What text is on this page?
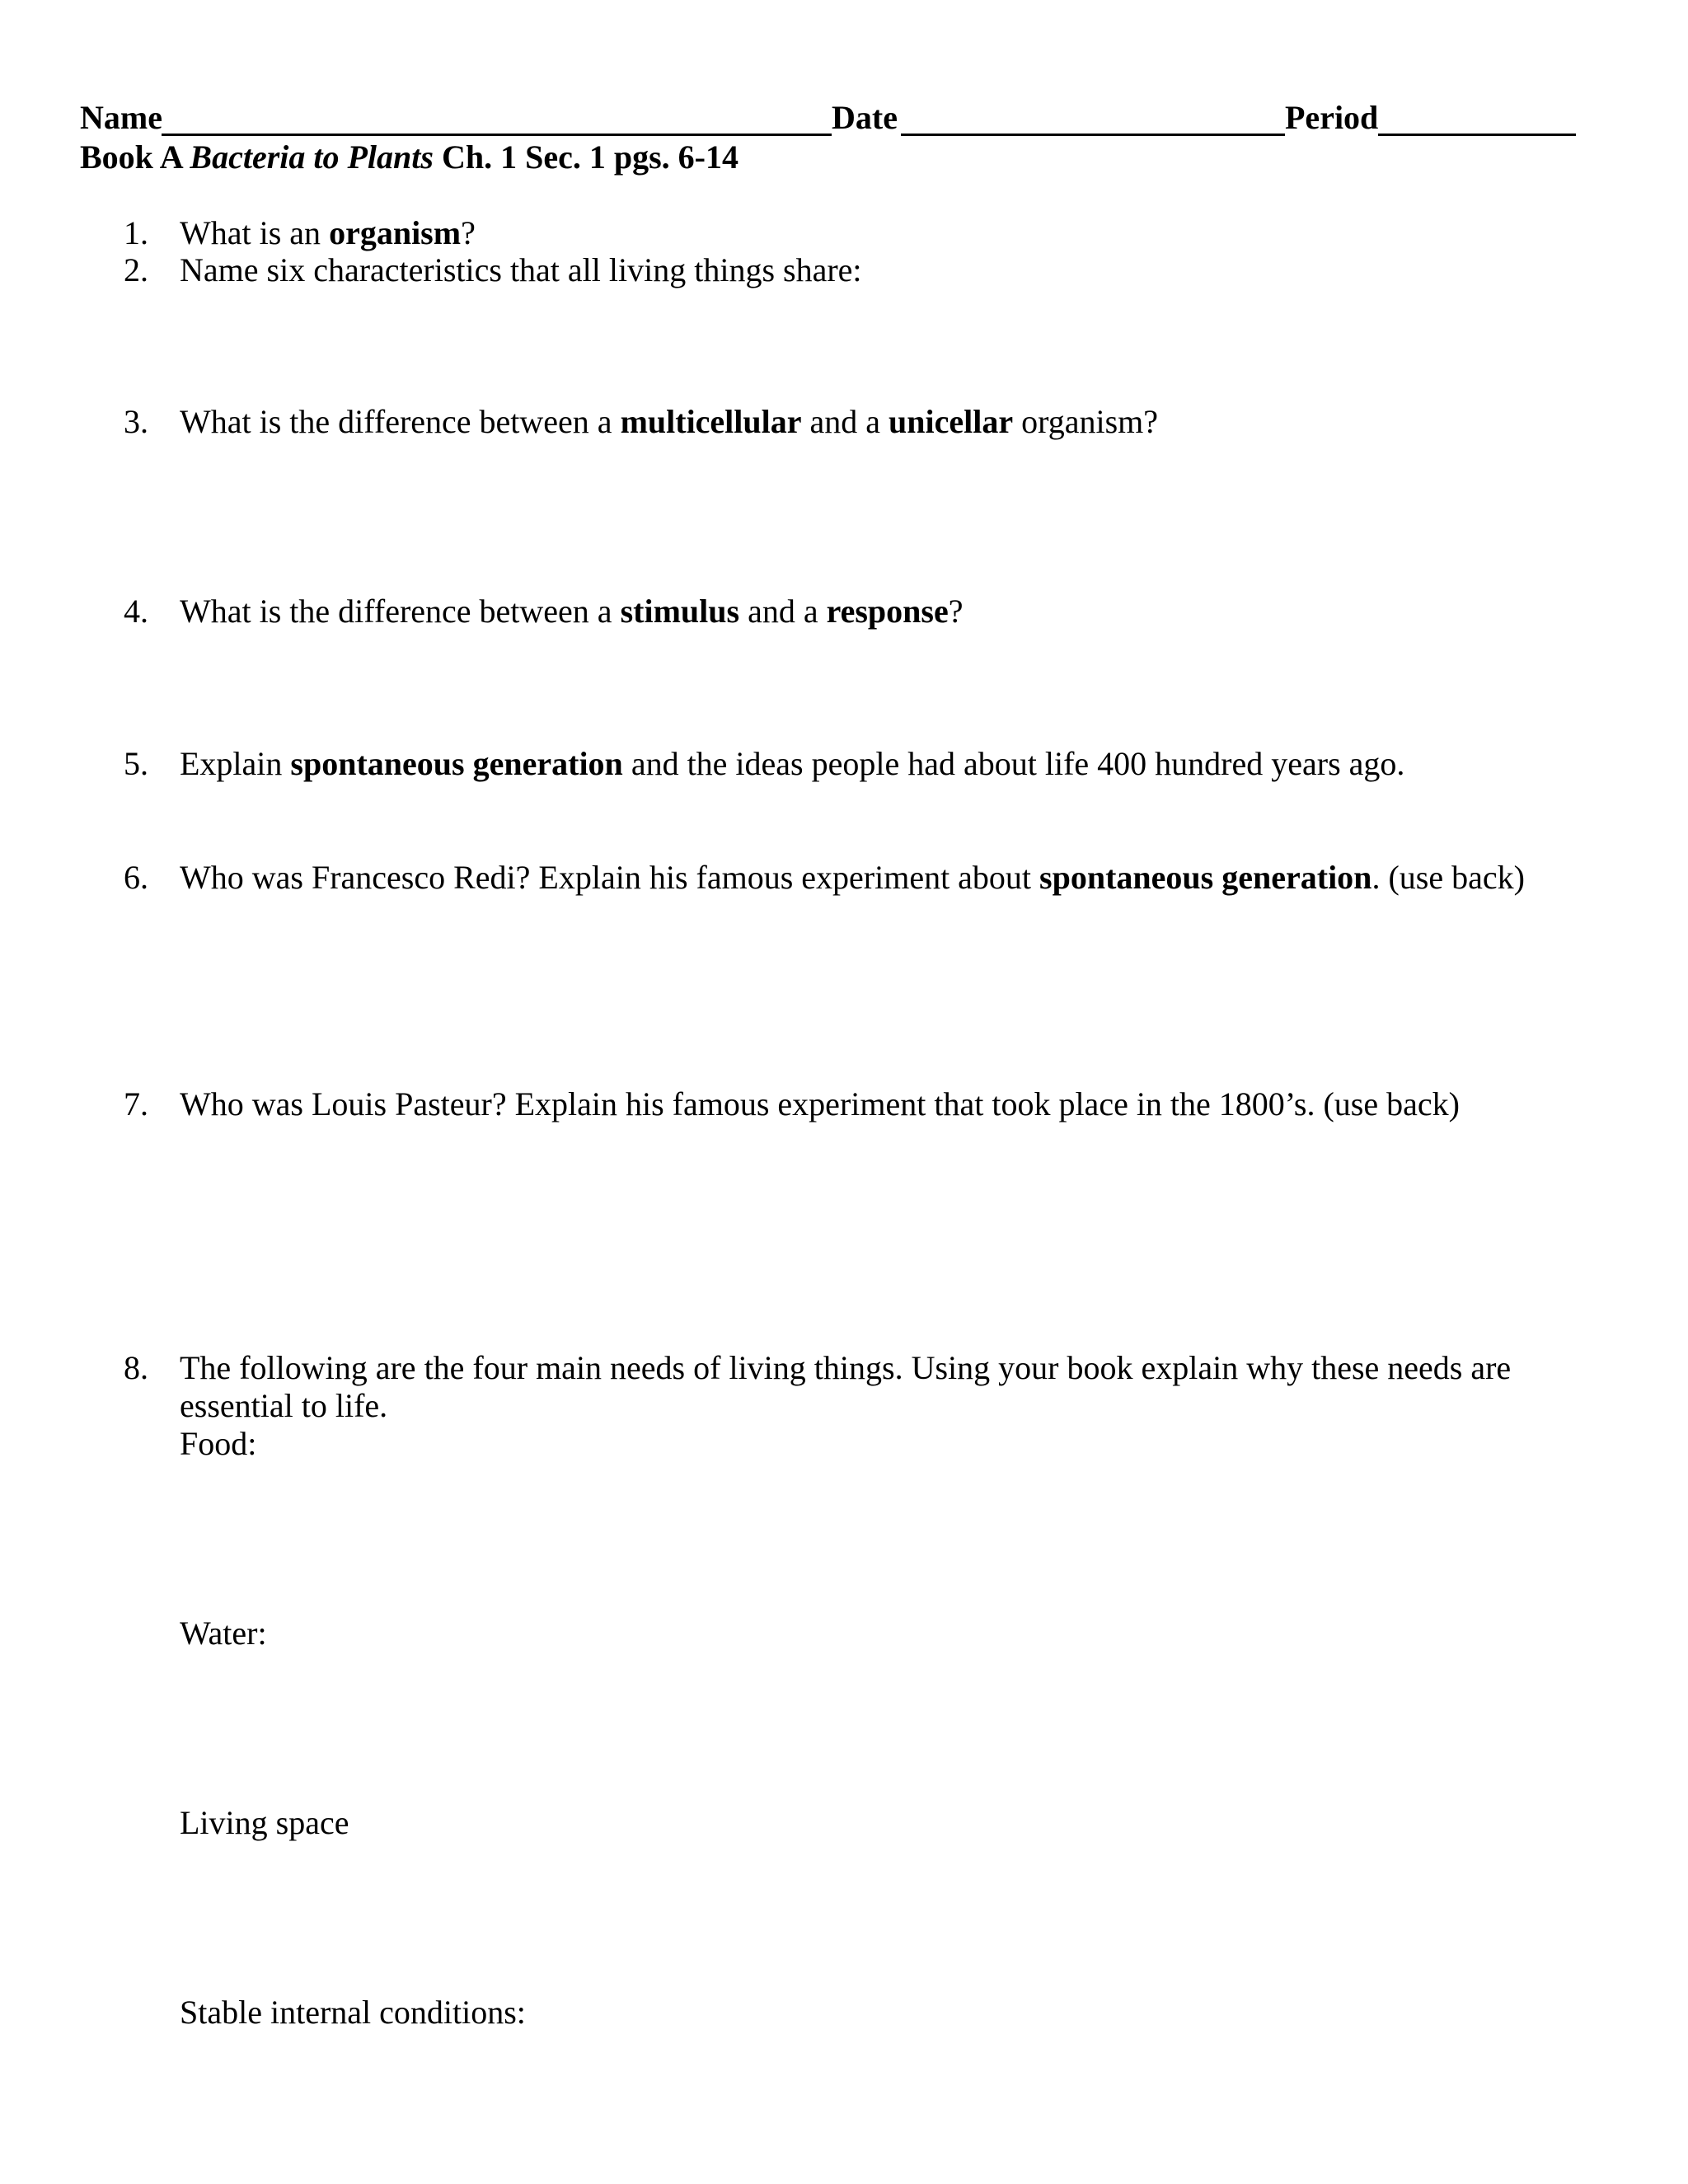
Name	Date	Period
Book A Bacteria to Plants Ch. 1 Sec. 1 pgs. 6-14
1. What is an organism?
2. Name six characteristics that all living things share:
3. What is the difference between a multicellular and a unicellar organism?
4. What is the difference between a stimulus and a response?
5. Explain spontaneous generation and the ideas people had about life 400 hundred years ago.
6. Who was Francesco Redi? Explain his famous experiment about spontaneous generation. (use back)
7. Who was Louis Pasteur? Explain his famous experiment that took place in the 1800’s. (use back)
8. The following are the four main needs of living things. Using your book explain why these needs are essential to life.
Food:
Water:
Living space
Stable internal conditions:
